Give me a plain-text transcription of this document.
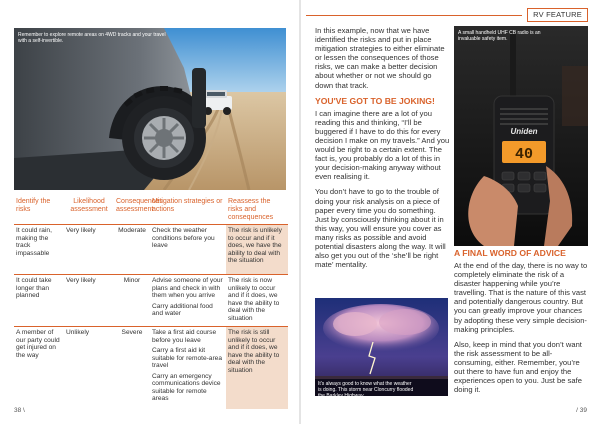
Remember to explore remote areas on 4WD tracks and your travel with a self-invertible.
Identify the risks	Likelihood assessment	Consequences assessment	Mitigation strategies or actions	Reassess the risks and consequences
It could rain, making the track impassable	Very likely	Moderate	Check the weather conditions before you leave	The risk is unlikely to occur and if it does, we have the ability to deal with the situation
It could take longer than planned	Very likely	Minor	Advise someone of your plans and check in with them when you arrive
Carry additional food and water	The risk is now unlikely to occur and if it does, we have the ability to deal with the situation
A member of our party could get injured on the way	Unlikely	Severe	Take a first aid course before you leave
Carry a first aid kit suitable for remote-area travel
Carry an emergency communications device suitable for remote areas	The risk is still unlikely to occur and if it does, we have the ability to deal with the situation
38 \
RV FEATURE

In this example, now that we have identified the risks and put in place mitigation strategies to either eliminate or lessen the consequences of those risks, we can make a better decision about whether or not we should go down that track.

YOU'VE GOT TO BE JOKING!

I can imagine there are a lot of you reading this and thinking, “I’ll be buggered if I have to do this for every decision I make on my travels.” And you would be right to a certain extent. The fact is, you probably do a lot of this in your decision-making anyway without even realising it.

You don’t have to go to the trouble of doing your risk analysis on a piece of paper every time you do something. Just by consciously thinking about it in this way, you will ensure you cover as many risks as possible and avoid potential disasters along the way. It will also get you out of the ‘she’ll be right mate’ mentality.

It's always good to know what the weather is doing. This storm near Cloncurry flooded the Barkley Highway.
Uniden
40
A small handheld UHF CB radio is an invaluable safety item.
A FINAL WORD OF ADVICE

At the end of the day, there is no way to completely eliminate the risk of a disaster happening while you’re travelling. That is the nature of this vast and potentially dangerous country. But you can greatly improve your chances by adopting these very simple decision-making principles.

Also, keep in mind that you don’t want the risk assessment to be all-consuming, either. Remember, you’re out there to have fun and enjoy the experiences open to you. Just be safe doing it.

/ 39
